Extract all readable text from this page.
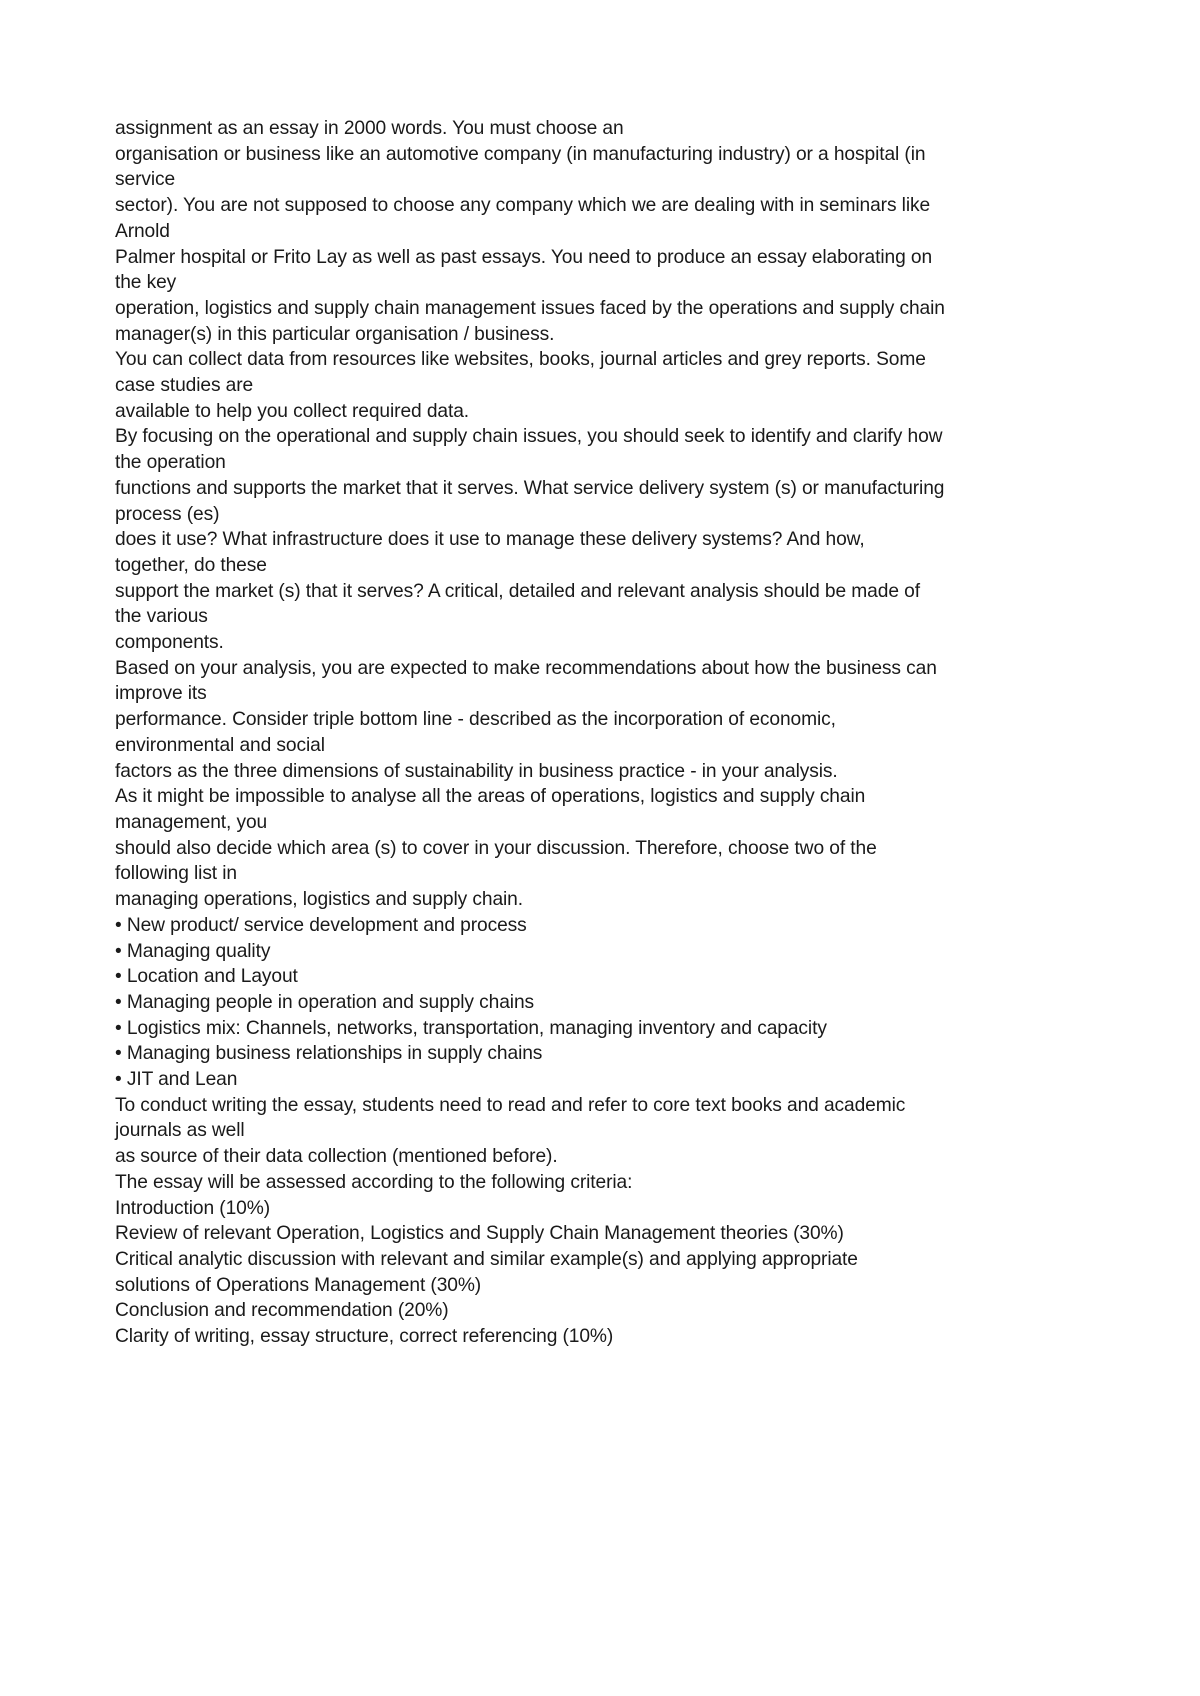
assignment as an essay in 2000 words. You must choose an
organisation or business like an automotive company (in manufacturing industry) or a hospital (in
service
sector). You are not supposed to choose any company which we are dealing with in seminars like
Arnold
Palmer hospital or Frito Lay as well as past essays. You need to produce an essay elaborating on
the key
operation, logistics and supply chain management issues faced by the operations and supply chain
manager(s) in this particular organisation / business.
You can collect data from resources like websites, books, journal articles and grey reports. Some
case studies are
available to help you collect required data.
By focusing on the operational and supply chain issues, you should seek to identify and clarify how
the operation
functions and supports the market that it serves. What service delivery system (s) or manufacturing
process (es)
does it use? What infrastructure does it use to manage these delivery systems? And how,
together, do these
support the market (s) that it serves? A critical, detailed and relevant analysis should be made of
the various
components.
Based on your analysis, you are expected to make recommendations about how the business can
improve its
performance. Consider triple bottom line - described as the incorporation of economic,
environmental and social
factors as the three dimensions of sustainability in business practice - in your analysis.
As it might be impossible to analyse all the areas of operations, logistics and supply chain
management, you
should also decide which area (s) to cover in your discussion. Therefore, choose two of the
following list in
managing operations, logistics and supply chain.
• New product/ service development and process
• Managing quality
• Location and Layout
• Managing people in operation and supply chains
• Logistics mix: Channels, networks, transportation, managing inventory and capacity
• Managing business relationships in supply chains
• JIT and Lean
To conduct writing the essay, students need to read and refer to core text books and academic
journals as well
as source of their data collection (mentioned before).
The essay will be assessed according to the following criteria:
Introduction (10%)
Review of relevant Operation, Logistics and Supply Chain Management theories (30%)
Critical analytic discussion with relevant and similar example(s) and applying appropriate
solutions of Operations Management (30%)
Conclusion and recommendation (20%)
Clarity of writing, essay structure, correct referencing (10%)
